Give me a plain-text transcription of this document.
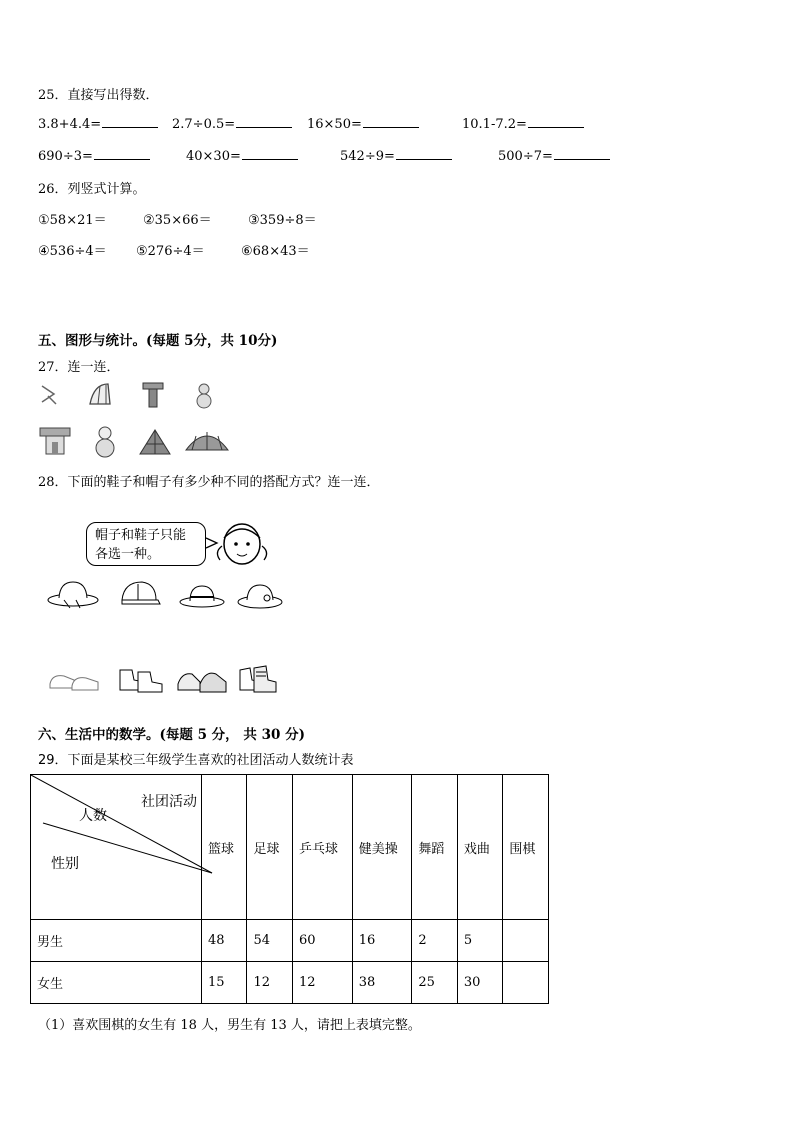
25．直接写出得数．
3.8+4.4=	2.7÷0.5=	16×50=	10.1-7.2=
690÷3=	40×30=	542÷9=	500÷7=
26．列竖式计算。
①58×21＝	②35×66＝	③359÷8＝
④536÷4＝ ⑤276÷4＝	⑥68×43＝
五、图形与统计。(每题 5分，共 10分)
27．连一连．
28．下面的鞋子和帽子有多少种不同的搭配方式？连一连．
帽子和鞋子只能
各选一种。
六、生活中的数学。(每题 5 分， 共 30 分)
29．下面是某校三年级学生喜欢的社团活动人数统计表
社团活动
人数
性别	篮球	足球	乒乓球	健美操	舞蹈	戏曲	围棋
男生	48	54	60	16	2	5	
女生	15	12	12	38	25	30	
（1）喜欢围棋的女生有 18 人，男生有 13 人，请把上表填完整。
